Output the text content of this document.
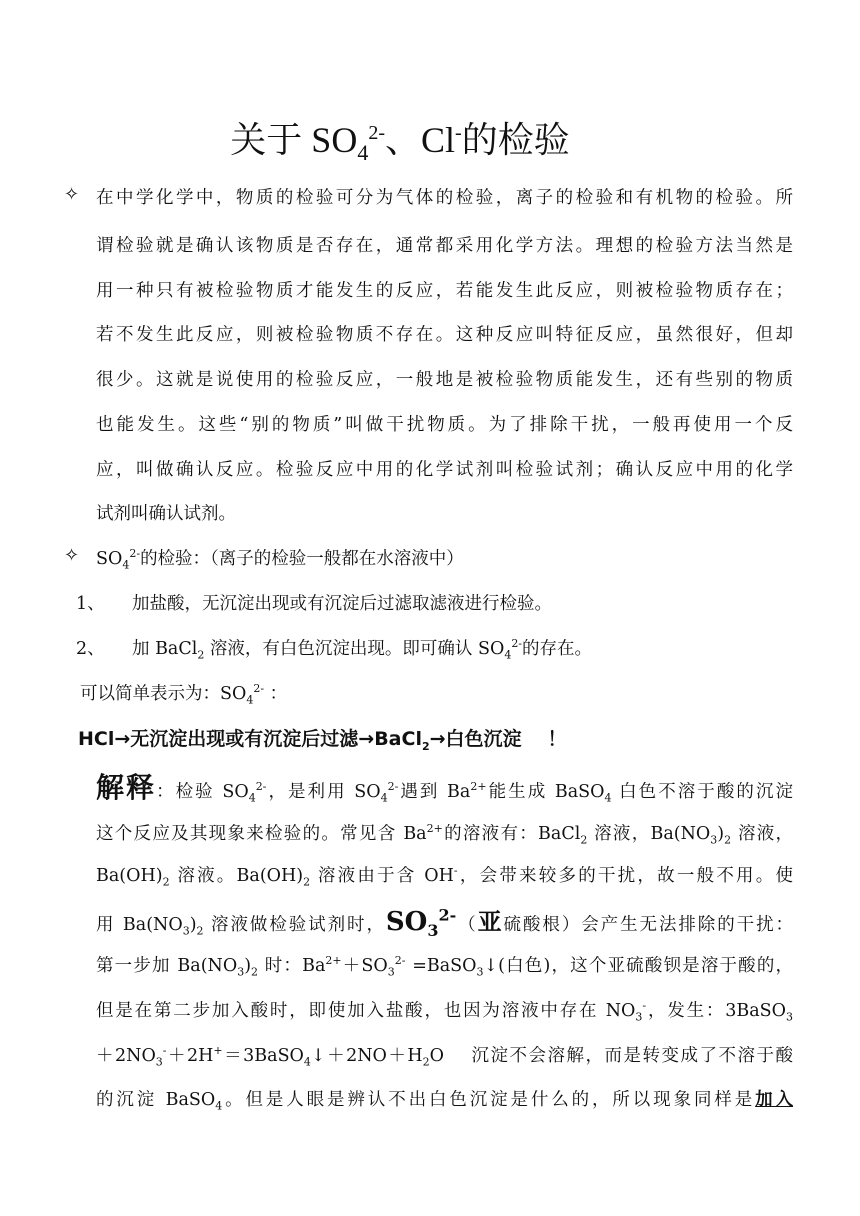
关于 $SO_4^{2-}$、Cl-的检验
✧ 在中学化学中，物质的检验可分为气体的检验，离子的检验和有机物的检验。所
谓检验就是确认该物质是否存在，通常都采用化学方法。理想的检验方法当然是
用一种只有被检验物质才能发生的反应，若能发生此反应，则被检验物质存在；
若不发生此反应，则被检验物质不存在。这种反应叫特征反应，虽然很好，但却
很少。这就是说使用的检验反应，一般地是被检验物质能发生，还有些别的物质
也能发生。这些“别的物质”叫做干扰物质。为了排除干扰，一般再使用一个反
应，叫做确认反应。检验反应中用的化学试剂叫检验试剂；确认反应中用的化学
试剂叫确认试剂。
✧ $SO_4^{2-}$的检验：（离子的检验一般都在水溶液中）
1、 加盐酸，无沉淀出现或有沉淀后过滤取滤液进行检验。
2、 加 BaCl$_2$ 溶液，有白色沉淀出现。即可确认 $SO_4^{2-}$的存在。
可以简单表示为：$SO_4^{2-}$ ：
HCl→无沉淀出现或有沉淀后过滤→BaCl$_2$→白色沉淀 ！
解释：检验 $SO_4^{2-}$，是利用 $SO_4^{2-}$遇到 $Ba^{2+}$能生成 BaSO$_4$ 白色不溶于酸的沉淀
这个反应及其现象来检验的。常见含 $Ba^{2+}$的溶液有：BaCl$_2$ 溶液，$Ba(NO_3)_2$ 溶液，
$Ba(OH)_2$ 溶液。$Ba(OH)_2$ 溶液由于含 OH-，会带来较多的干扰，故一般不用。使
用 $Ba(NO_3)_2$ 溶液做检验试剂时，$SO_3^{2-}$（亚硫酸根）会产生无法排除的干扰：
第一步加 $Ba(NO_3)_2$ 时：$Ba^{2+}+SO_3^{2-}$ =BaSO$_3$↓(白色)，这个亚硫酸钡是溶于酸的，
但是在第二步加入酸时，即使加入盐酸，也因为溶液中存在 $NO_3^-$，发生：3BaSO$_3$
$+2NO_3^-+2H^+=3BaSO_4↓+2NO+H_2O$　 沉淀不会溶解，而是转变成了不溶于酸
的沉淀 BaSO$_4$。但是人眼是辨认不出白色沉淀是什么的，所以现象同样是加入
